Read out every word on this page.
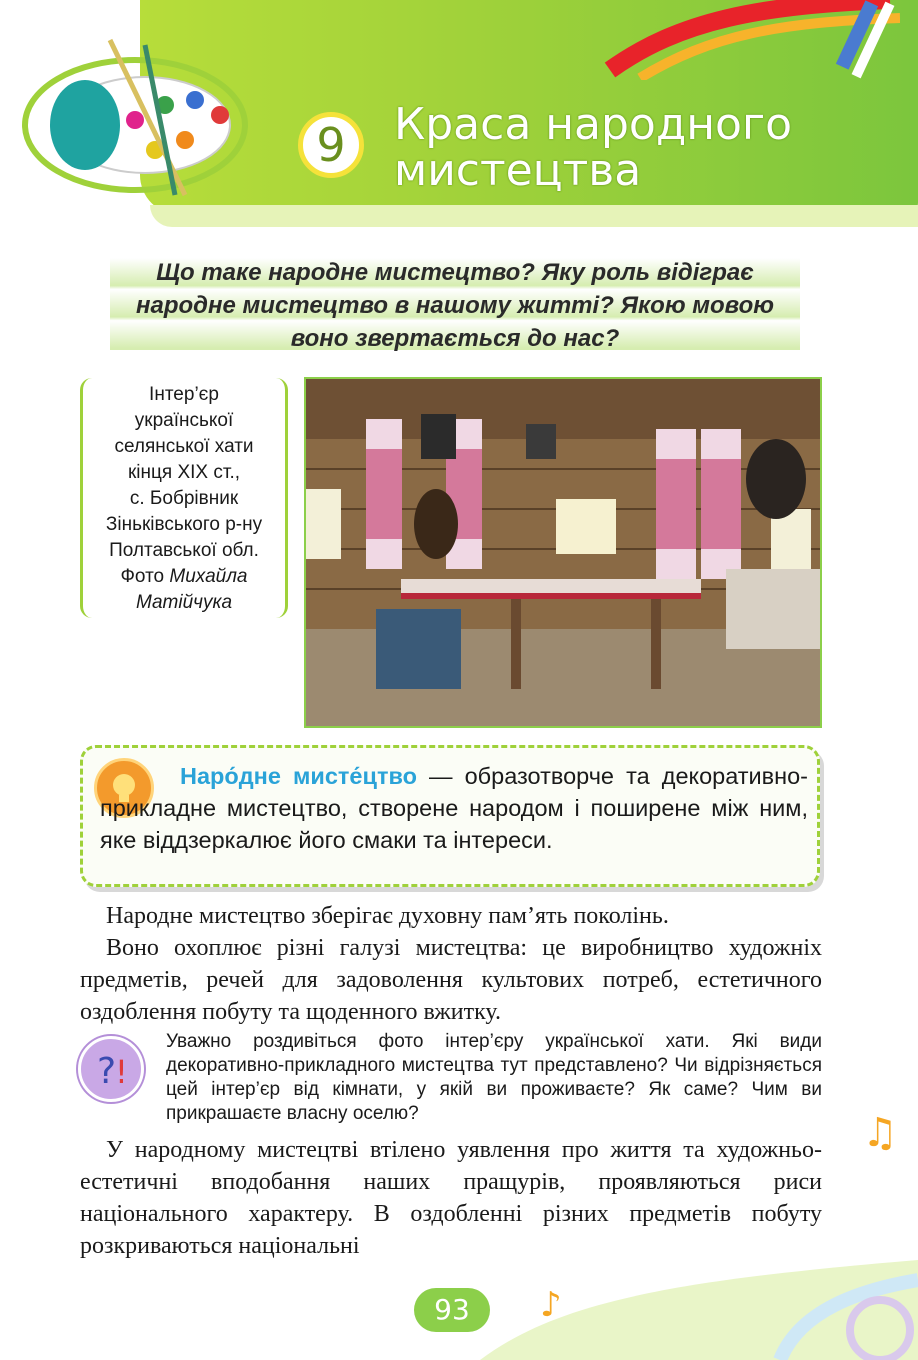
9	Краса народного
мистецтва
Що таке народне мистецтво? Яку роль відіграє
народне мистецтво в нашому житті? Якою мовою
воно звертається до нас?
Інтер’єр
української
селянської хати
кінця ХІХ ст.,
с. Бобрівник
Зіньківського р-ну
Полтавської обл.
Фото Михайла
Матійчука
Наро́дне мисте́цтво — образотворче та декоративно-прикладне мистецтво, створене народом і поширене між ним, яке віддзеркалює його смаки та інтереси.
Народне мистецтво зберігає духовну пам’ять поколінь.
Воно охоплює різні галузі мистецтва: це виробництво художніх предметів, речей для задоволення культових потреб, естетичного оздоблення побуту та щоденного вжитку.
?
!
Уважно роздивіться фото інтер’єру української хати. Які види декоративно-прикладного мистецтва тут представлено? Чи відрізняється цей інтер’єр від кімнати, у якій ви проживаєте? Як саме? Чим ви прикрашаєте власну оселю?
У народному мистецтві втілено уявлення про життя та художньо-естетичні вподобання наших пращурів, проявляються риси національного характеру. В оздобленні різних предметів побуту розкриваються національні
♫
♪
93
